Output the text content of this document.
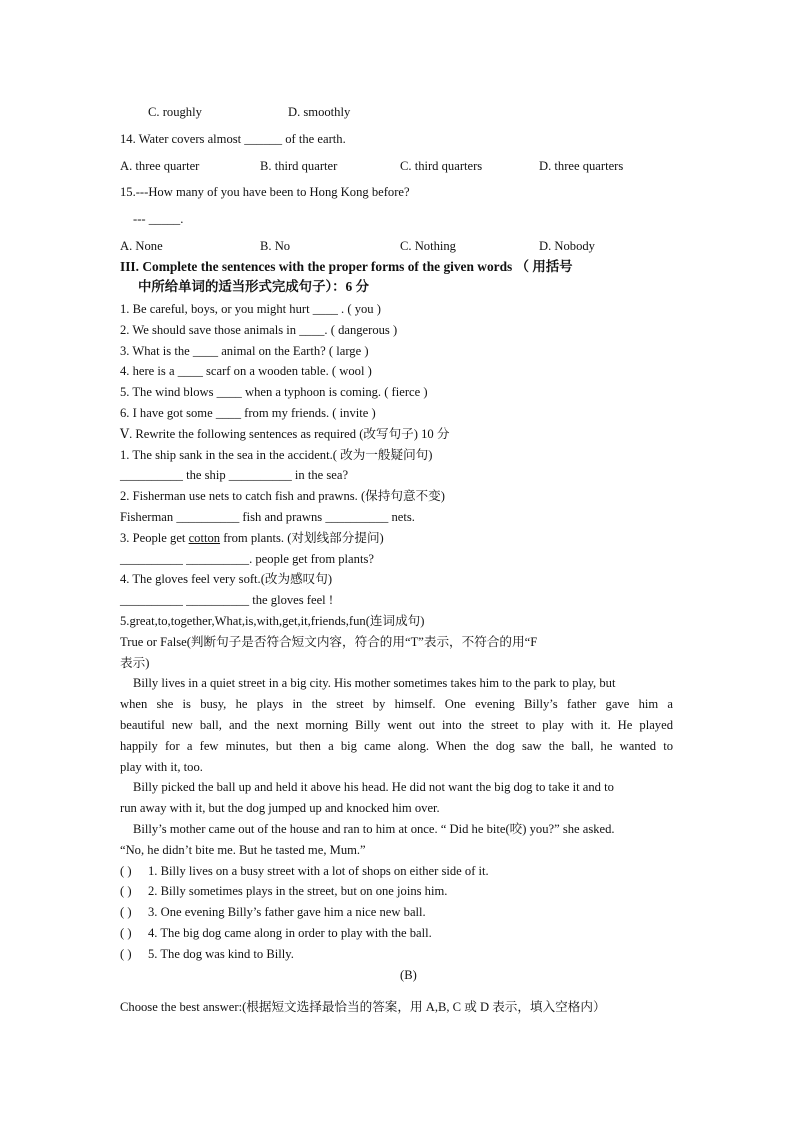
C. roughly	D. smoothly
14. Water covers almost ______ of the earth.
A. three quarter	B. third quarter	C. third quarters	D. three quarters
15.---How many of you have been to Hong Kong before?
--- _____.
A. None	B. No	C. Nothing	D. Nobody
III. Complete the sentences with the proper forms of the given words （ 用括号
中所给单词的适当形式完成句子）：6 分
1. Be careful, boys, or you might hurt ____ . ( you )
2. We should save those animals in ____. ( dangerous )
3. What is the ____ animal on the Earth? ( large )
4. here is a ____ scarf on a wooden table. ( wool )
5. The wind blows ____ when a typhoon is coming. ( fierce )
6. I have got some ____ from my friends. ( invite )
Ⅴ. Rewrite the following sentences as required (改写句子) 10 分
1. The ship sank in the sea in the accident.( 改为一般疑问句)
__________ the ship __________ in the sea?
2. Fisherman use nets to catch fish and prawns. (保持句意不变)
Fisherman __________ fish and prawns __________ nets.
3. People get cotton from plants. (对划线部分提问)
__________ __________. people get from plants?
4. The gloves feel very soft.(改为感叹句)
__________ __________ the gloves feel !
5.great,to,together,What,is,with,get,it,friends,fun(连词成句)
True or False(判断句子是否符合短文内容，符合的用“T”表示，不符合的用“F
表示)
Billy lives in a quiet street in a big city. His mother sometimes takes him to the park to play, but
when she is busy, he plays in the street by himself. One evening Billy’s father gave him a
beautiful new ball, and the next morning Billy went out into the street to play with it. He played
happily for a few minutes, but then a big came along. When the dog saw the ball, he wanted to
play with it, too.
Billy picked the ball up and held it above his head. He did not want the big dog to take it and to
run away with it, but the dog jumped up and knocked him over.
Billy’s mother came out of the house and ran to him at once. “ Did he bite(咬) you?” she asked.
“No, he didn’t bite me. But he tasted me, Mum.”
( ) 1. Billy lives on a busy street with a lot of shops on either side of it.
( ) 2. Billy sometimes plays in the street, but on one joins him.
( ) 3. One evening Billy’s father gave him a nice new ball.
( ) 4. The big dog came along in order to play with the ball.
( ) 5. The dog was kind to Billy.
(B)
Choose the best answer:(根据短文选择最恰当的答案，用 A,B, C 或 D 表示，填入空格内）
